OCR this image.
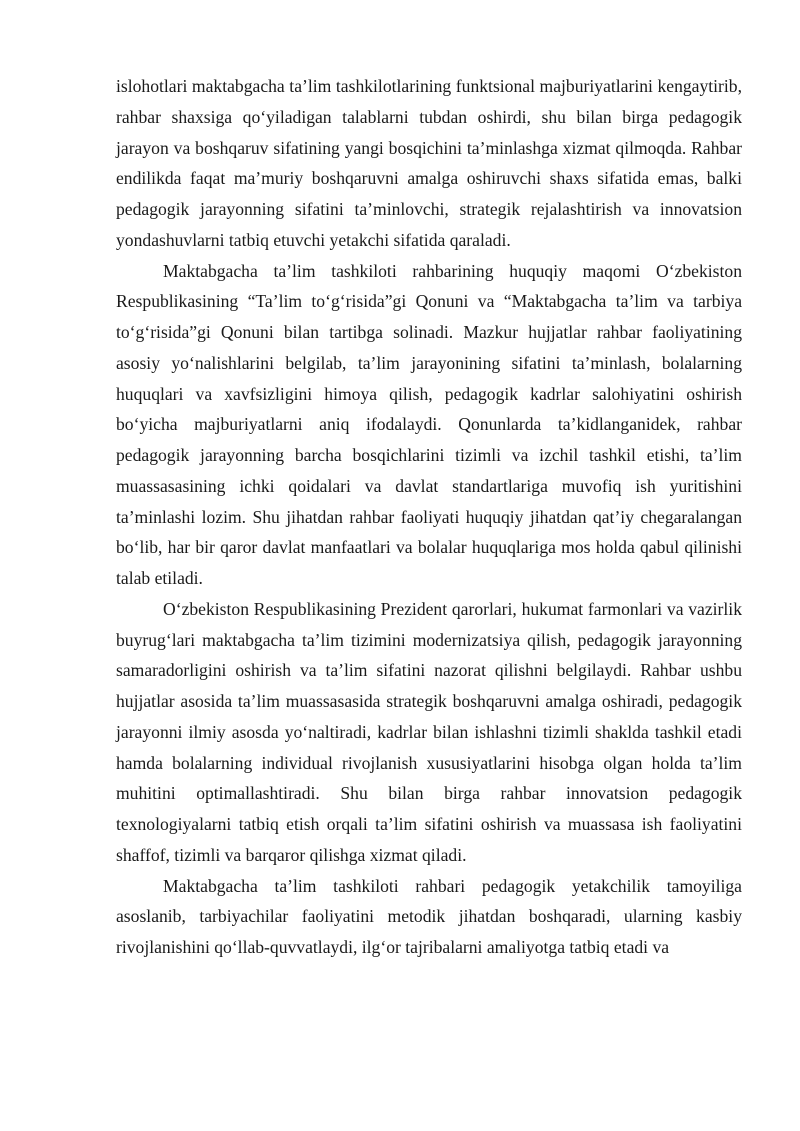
islohotlari maktabgacha ta’lim tashkilotlarining funktsional majburiyatlarini kengaytirib, rahbar shaxsiga qo‘yiladigan talablarni tubdan oshirdi, shu bilan birga pedagogik jarayon va boshqaruv sifatining yangi bosqichini ta’minlashga xizmat qilmoqda. Rahbar endilikda faqat ma’muriy boshqaruvni amalga oshiruvchi shaxs sifatida emas, balki pedagogik jarayonning sifatini ta’minlovchi, strategik rejalashtirish va innovatsion yondashuvlarni tatbiq etuvchi yetakchi sifatida qaraladi.

Maktabgacha ta’lim tashkiloti rahbarining huquqiy maqomi O‘zbekiston Respublikasining “Ta’lim to‘g‘risida”gi Qonuni va “Maktabgacha ta’lim va tarbiya to‘g‘risida”gi Qonuni bilan tartibga solinadi. Mazkur hujjatlar rahbar faoliyatining asosiy yo‘nalishlarini belgilab, ta’lim jarayonining sifatini ta’minlash, bolalarning huquqlari va xavfsizligini himoya qilish, pedagogik kadrlar salohiyatini oshirish bo‘yicha majburiyatlarni aniq ifodalaydi. Qonunlarda ta’kidlanganidek, rahbar pedagogik jarayonning barcha bosqichlarini tizimli va izchil tashkil etishi, ta’lim muassasasining ichki qoidalari va davlat standartlariga muvofiq ish yuritishini ta’minlashi lozim. Shu jihatdan rahbar faoliyati huquqiy jihatdan qat’iy chegaralangan bo‘lib, har bir qaror davlat manfaatlari va bolalar huquqlariga mos holda qabul qilinishi talab etiladi.

O‘zbekiston Respublikasining Prezident qarorlari, hukumat farmonlari va vazirlik buyrug‘lari maktabgacha ta’lim tizimini modernizatsiya qilish, pedagogik jarayonning samaradorligini oshirish va ta’lim sifatini nazorat qilishni belgilaydi. Rahbar ushbu hujjatlar asosida ta’lim muassasasida strategik boshqaruvni amalga oshiradi, pedagogik jarayonni ilmiy asosda yo‘naltiradi, kadrlar bilan ishlashni tizimli shaklda tashkil etadi hamda bolalarning individual rivojlanish xususiyatlarini hisobga olgan holda ta’lim muhitini optimallashtiradi. Shu bilan birga rahbar innovatsion pedagogik texnologiyalarni tatbiq etish orqali ta’lim sifatini oshirish va muassasa ish faoliyatini shaffof, tizimli va barqaror qilishga xizmat qiladi.

Maktabgacha ta’lim tashkiloti rahbari pedagogik yetakchilik tamoyiliga asoslanib, tarbiyachilar faoliyatini metodik jihatdan boshqaradi, ularning kasbiy rivojlanishini qo‘llab-quvvatlaydi, ilg‘or tajribalarni amaliyotga tatbiq etadi va
